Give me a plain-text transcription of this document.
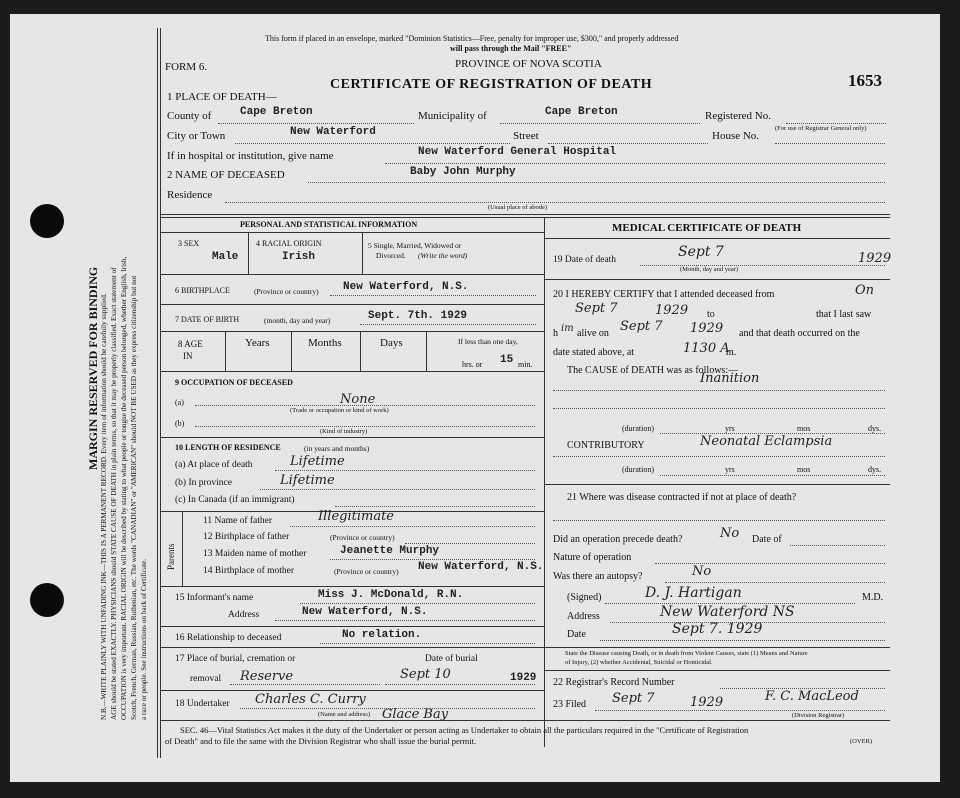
MARGIN RESERVED FOR BINDING N.B.—WRITE PLAINLY WITH UNFADING INK—THIS IS A PERMANENT RECORD. Every item of information should be carefully supplied. AGE should be stated EXACTLY. PHYSICIANS should STATE CAUSE OF DEATH in plain terms, so that it may be properly classified. Exact statement of OCCUPATION is very important. RACIAL ORIGIN will be described by stating to what people or tongue the deceased person belonged, whether English, Irish, Scotch, French, German, Russian, Ruthenian, etc. The words "CANADIAN" or "AMERICAN" should NOT BE USED as they express citizenship but not a race or people. See instructions on back of Certificate.
This form if placed in an envelope, marked "Dominion Statistics—Free, penalty for improper use, $300," and properly addressed
will pass through the Mail "FREE"
PROVINCE OF NOVA SCOTIA
FORM 6.
CERTIFICATE OF REGISTRATION OF DEATH	1653
1 PLACE OF DEATH—
County of	Cape Breton	Municipality of	Cape Breton	Registered No.
(For use of Registrar General only)
City or Town	New Waterford	Street	House No.
If in hospital or institution, give name	New Waterford General Hospital
2 NAME OF DECEASED	Baby John Murphy
Residence
(Usual place of abode)
PERSONAL AND STATISTICAL INFORMATION
3 SEX
Male
4 RACIAL ORIGIN
Irish
5 Single, Married, Widowed or
Divorced. (Write the word)
6 BIRTHPLACE	(Province or country) New Waterford, N.S.
7 DATE OF BIRTH	(month, day and year)	Sept. 7th. 1929
8 AGE
IN
Years	Months	Days	If less than one day,
hrs. or 15 min.
9 OCCUPATION OF DECEASED
(a)	None
(Trade or occupation or kind of work)
(b)
(Kind of industry)
10 LENGTH OF RESIDENCE	(in years and months)
(a) At place of death	Lifetime
(b) In province	Lifetime
(c) In Canada (if an immigrant)
Parents
11 Name of father	Illegitimate
12 Birthplace of father	(Province or country)
13 Maiden name of mother	Jeanette Murphy
14 Birthplace of mother	(Province or country) New Waterford, N.S.
15 Informant's name	Miss J. McDonald, R.N.
Address	New Waterford, N.S.
16 Relationship to deceased	No relation.
17 Place of burial, cremation or
removal
Date of burial
Reserve	Sept 10	1929
18 Undertaker Charles C. Curry
(Name and address) Glace Bay
MEDICAL CERTIFICATE OF DEATH
19 Date of death	Sept 7	1929
(Month, day and year)
20 I HEREBY CERTIFY that I attended deceased from	On
Sept 7	1929 to	that I last saw
h im alive on Sept 7 1929 and that death occurred on the
date stated above, at	1130 A
m.
The CAUSE of DEATH was as follows:—
Inanition
(duration)	yrs	mos	dys.
CONTRIBUTORY	Neonatal Eclampsia
(duration)	yrs	mos	dys.
21 Where was disease contracted if not at place of death?
Did an operation precede death?	No Date of
Nature of operation
Was there an autopsy?	No
(Signed)	D. J. Hartigan	M.D.
Address	New Waterford NS
Date	Sept 7. 1929
State the Disease causing Death, or in death from Violent Causes, state (1) Means and Nature
of Injury, (2) whether Accidental, Suicidal or Homicidal.
22 Registrar's Record Number
23 Filed Sept 7	1929	F. C. MacLeod
(Division Registrar)
SEC. 46—Vital Statistics Act makes it the duty of the Undertaker or person acting as Undertaker to obtain all the particulars required in the "Certificate of Registration
of Death" and to file the same with the Division Registrar who shall issue the burial permit.	(OVER)
